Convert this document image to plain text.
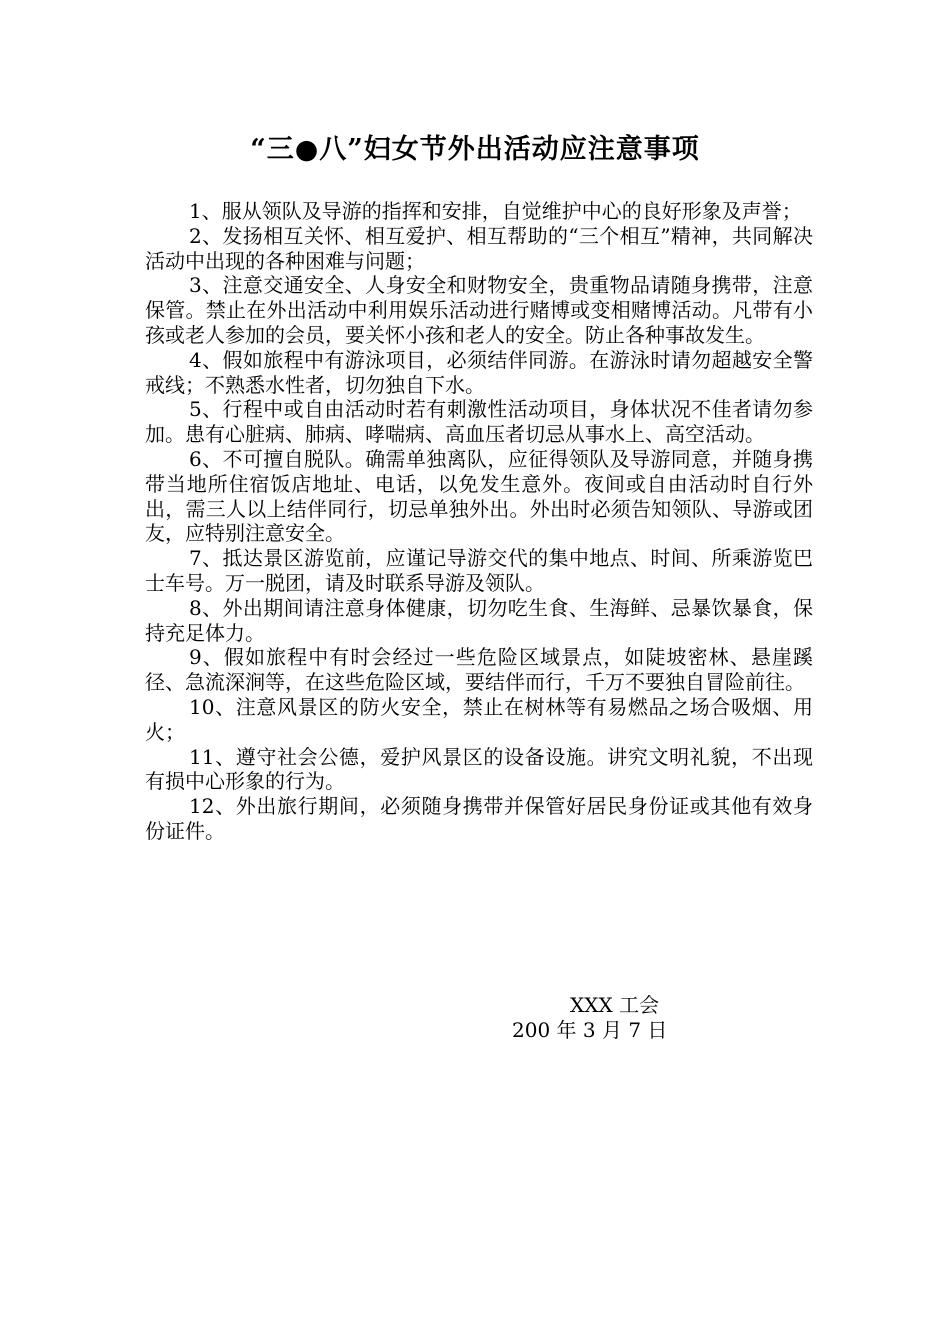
“三●八”妇女节外出活动应注意事项

1、服从领队及导游的指挥和安排，自觉维护中心的良好形象及声誉；

2、发扬相互关怀、相互爱护、相互帮助的“三个相互”精神，共同解决活动中出现的各种困难与问题；

3、注意交通安全、人身安全和财物安全，贵重物品请随身携带，注意保管。禁止在外出活动中利用娱乐活动进行赌博或变相赌博活动。凡带有小孩或老人参加的会员，要关怀小孩和老人的安全。防止各种事故发生。

4、假如旅程中有游泳项目，必须结伴同游。在游泳时请勿超越安全警戒线；不熟悉水性者，切勿独自下水。

5、行程中或自由活动时若有刺激性活动项目，身体状况不佳者请勿参加。患有心脏病、肺病、哮喘病、高血压者切忌从事水上、高空活动。

6、不可擅自脱队。确需单独离队，应征得领队及导游同意，并随身携带当地所住宿饭店地址、电话，以免发生意外。夜间或自由活动时自行外出，需三人以上结伴同行，切忌单独外出。外出时必须告知领队、导游或团友，应特别注意安全。

7、抵达景区游览前，应谨记导游交代的集中地点、时间、所乘游览巴士车号。万一脱团，请及时联系导游及领队。

8、外出期间请注意身体健康，切勿吃生食、生海鲜、忌暴饮暴食，保持充足体力。

9、假如旅程中有时会经过一些危险区域景点，如陡坡密林、悬崖蹊径、急流深涧等，在这些危险区域，要结伴而行，千万不要独自冒险前往。

10、注意风景区的防火安全，禁止在树林等有易燃品之场合吸烟、用火；

11、遵守社会公德，爱护风景区的设备设施。讲究文明礼貌，不出现有损中心形象的行为。

12、外出旅行期间，必须随身携带并保管好居民身份证或其他有效身份证件。

XXX 工会
200 年 3 月 7 日
